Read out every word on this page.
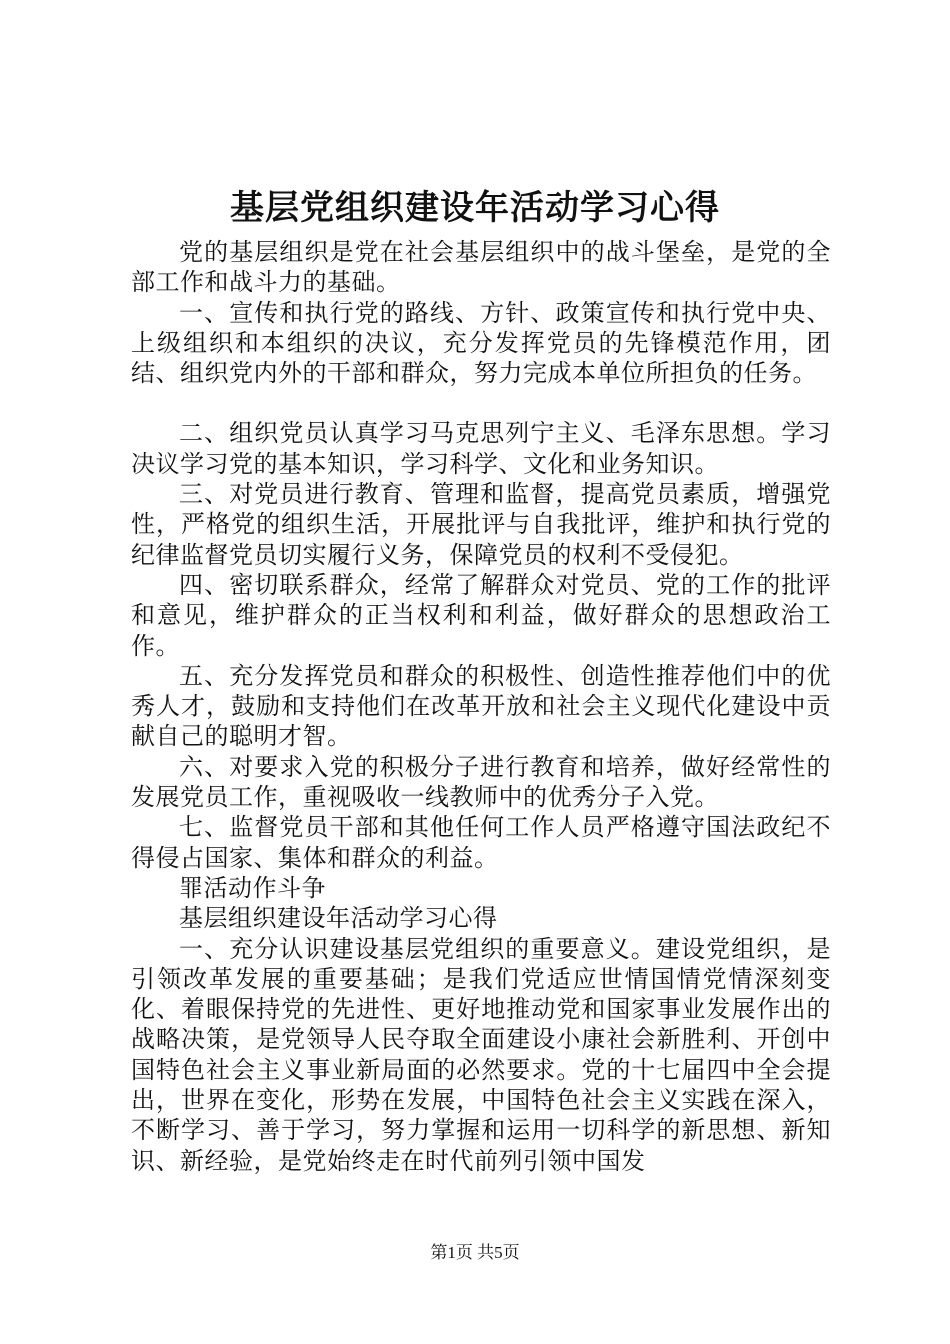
基层党组织建设年活动学习心得

党的基层组织是党在社会基层组织中的战斗堡垒，是党的全部工作和战斗力的基础。

一、宣传和执行党的路线、方针、政策宣传和执行党中央、上级组织和本组织的决议，充分发挥党员的先锋模范作用，团结、组织党内外的干部和群众，努力完成本单位所担负的任务。

二、组织党员认真学习马克思列宁主义、毛泽东思想。学习决议学习党的基本知识，学习科学、文化和业务知识。

三、对党员进行教育、管理和监督，提高党员素质，增强党性，严格党的组织生活，开展批评与自我批评，维护和执行党的纪律监督党员切实履行义务，保障党员的权利不受侵犯。

四、密切联系群众，经常了解群众对党员、党的工作的批评和意见，维护群众的正当权利和利益，做好群众的思想政治工作。

五、充分发挥党员和群众的积极性、创造性推荐他们中的优秀人才，鼓励和支持他们在改革开放和社会主义现代化建设中贡献自己的聪明才智。

六、对要求入党的积极分子进行教育和培养，做好经常性的发展党员工作，重视吸收一线教师中的优秀分子入党。

七、监督党员干部和其他任何工作人员严格遵守国法政纪不得侵占国家、集体和群众的利益。

罪活动作斗争

基层组织建设年活动学习心得

一、充分认识建设基层党组织的重要意义。建设党组织，是引领改革发展的重要基础；是我们党适应世情国情党情深刻变化、着眼保持党的先进性、更好地推动党和国家事业发展作出的战略决策，是党领导人民夺取全面建设小康社会新胜利、开创中国特色社会主义事业新局面的必然要求。党的十七届四中全会提出，世界在变化，形势在发展，中国特色社会主义实践在深入，不断学习、善于学习，努力掌握和运用一切科学的新思想、新知识、新经验，是党始终走在时代前列引领中国发

第1页 共5页
